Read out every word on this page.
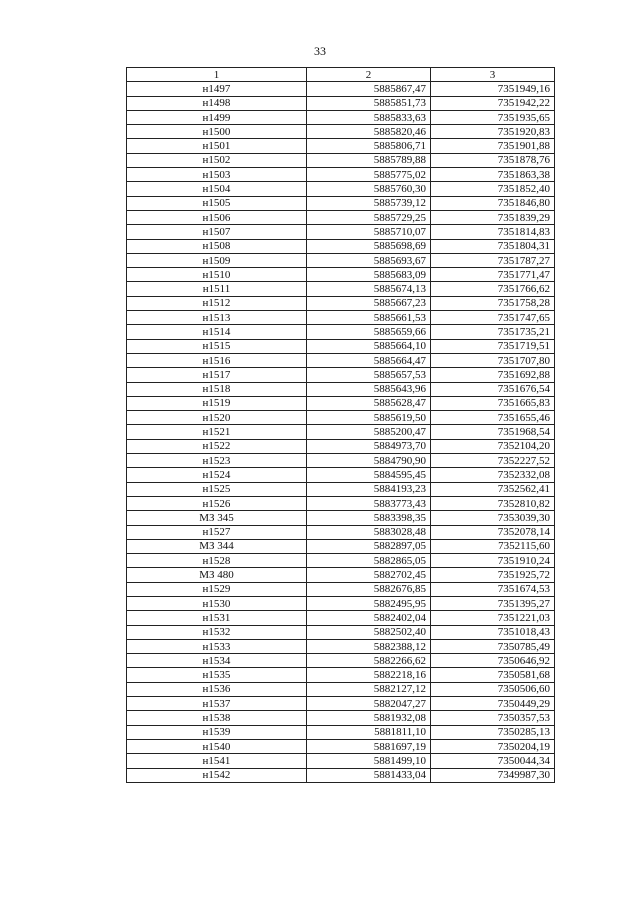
33
1	2	3
н1497	5885867,47	7351949,16
н1498	5885851,73	7351942,22
н1499	5885833,63	7351935,65
н1500	5885820,46	7351920,83
н1501	5885806,71	7351901,88
н1502	5885789,88	7351878,76
н1503	5885775,02	7351863,38
н1504	5885760,30	7351852,40
н1505	5885739,12	7351846,80
н1506	5885729,25	7351839,29
н1507	5885710,07	7351814,83
н1508	5885698,69	7351804,31
н1509	5885693,67	7351787,27
н1510	5885683,09	7351771,47
н1511	5885674,13	7351766,62
н1512	5885667,23	7351758,28
н1513	5885661,53	7351747,65
н1514	5885659,66	7351735,21
н1515	5885664,10	7351719,51
н1516	5885664,47	7351707,80
н1517	5885657,53	7351692,88
н1518	5885643,96	7351676,54
н1519	5885628,47	7351665,83
н1520	5885619,50	7351655,46
н1521	5885200,47	7351968,54
н1522	5884973,70	7352104,20
н1523	5884790,90	7352227,52
н1524	5884595,45	7352332,08
н1525	5884193,23	7352562,41
н1526	5883773,43	7352810,82
МЗ 345	5883398,35	7353039,30
н1527	5883028,48	7352078,14
МЗ 344	5882897,05	7352115,60
н1528	5882865,05	7351910,24
МЗ 480	5882702,45	7351925,72
н1529	5882676,85	7351674,53
н1530	5882495,95	7351395,27
н1531	5882402,04	7351221,03
н1532	5882502,40	7351018,43
н1533	5882388,12	7350785,49
н1534	5882266,62	7350646,92
н1535	5882218,16	7350581,68
н1536	5882127,12	7350506,60
н1537	5882047,27	7350449,29
н1538	5881932,08	7350357,53
н1539	5881811,10	7350285,13
н1540	5881697,19	7350204,19
н1541	5881499,10	7350044,34
н1542	5881433,04	7349987,30
